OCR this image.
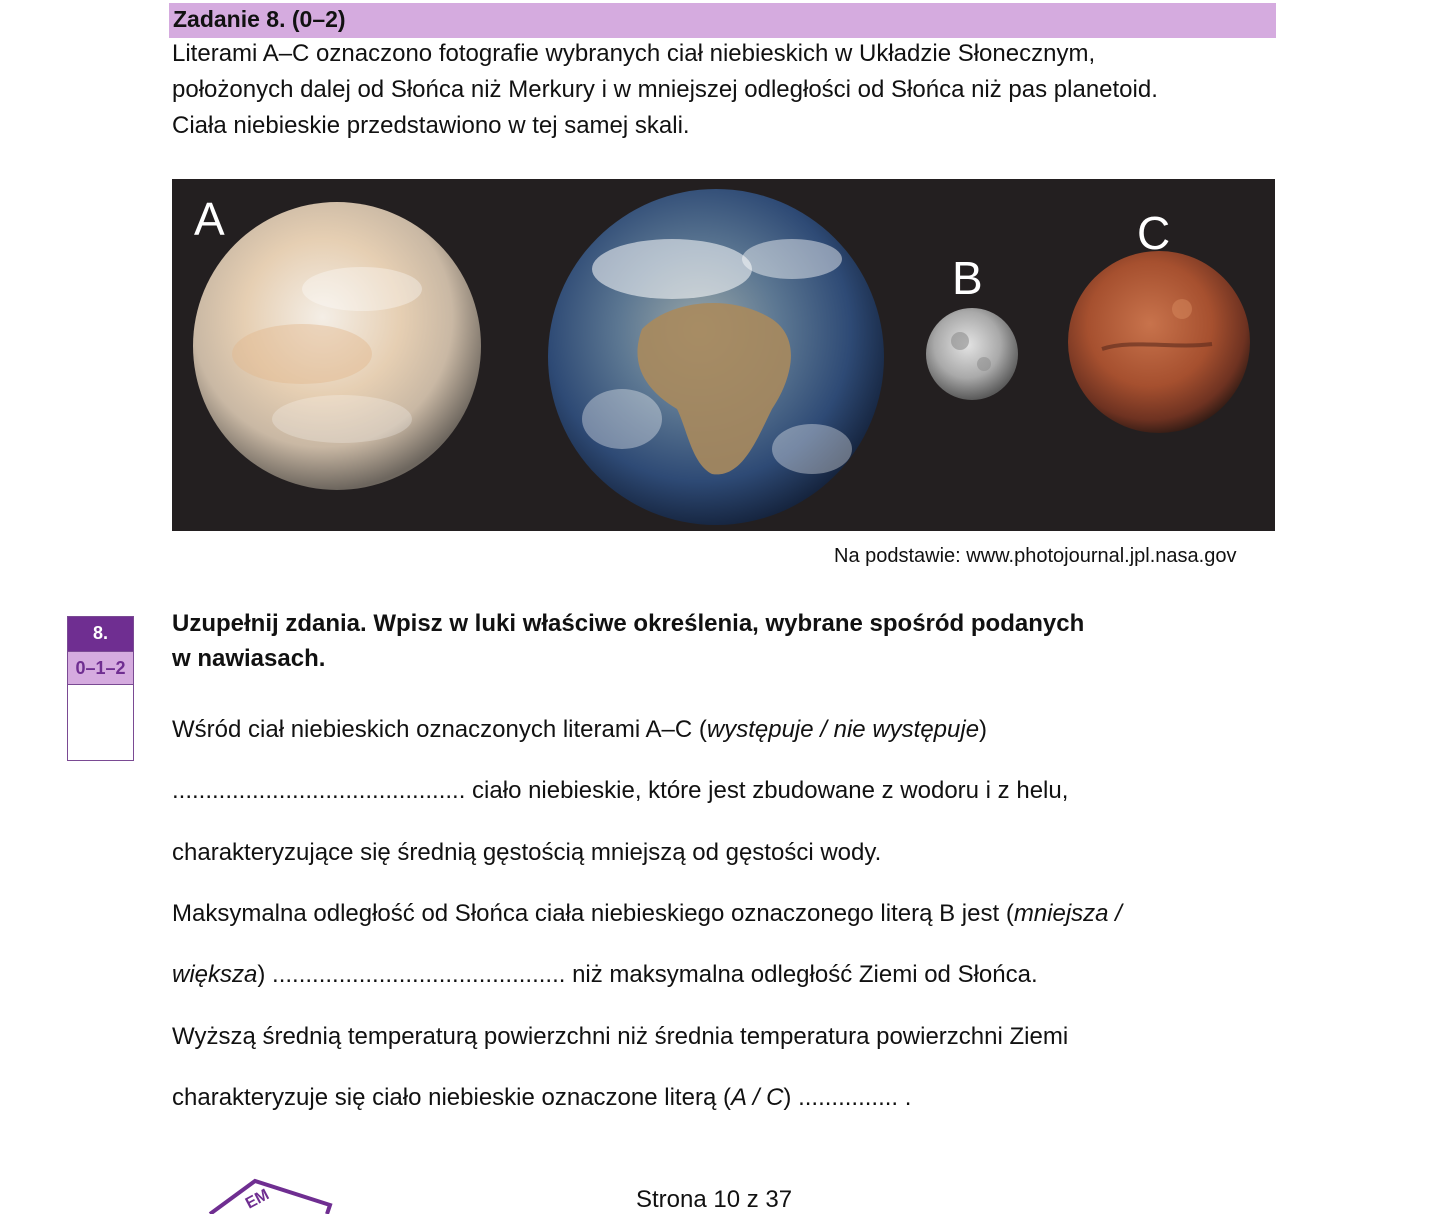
Zadanie 8. (0–2)

Literami A–C oznaczono fotografie wybranych ciał niebieskich w Układzie Słonecznym,

położonych dalej od Słońca niż Merkury i w mniejszej odległości od Słońca niż pas planetoid.

Ciała niebieskie przedstawiono w tej samej skali.

A
B
C
Na podstawie: www.photojournal.jpl.nasa.gov
8.
0–1–2
Uzupełnij zdania. Wpisz w luki właściwe określenia, wybrane spośród podanych
w nawiasach.
Wśród ciał niebieskich oznaczonych literami A–C (występuje / nie występuje)
............................................ ciało niebieskie, które jest zbudowane z wodoru i z helu,
charakteryzujące się średnią gęstością mniejszą od gęstości wody.
Maksymalna odległość od Słońca ciała niebieskiego oznaczonego literą B jest (mniejsza /
większa) ............................................ niż maksymalna odległość Ziemi od Słońca.
Wyższą średnią temperaturą powierzchni niż średnia temperatura powierzchni Ziemi
charakteryzuje się ciało niebieskie oznaczone literą (A / C) ............... .
EM	Strona 10 z 37
